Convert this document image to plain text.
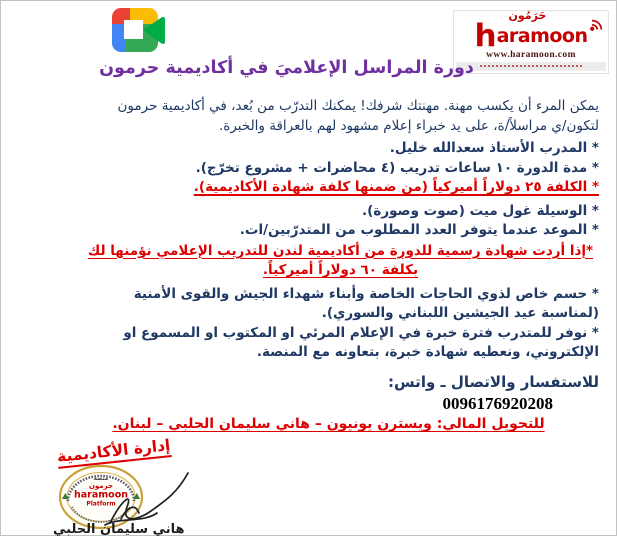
حَرَمُون
haramoon
www.haramoon.com
دورة المراسل الإعلاميَ في أكاديمية حرمون

يمكن المرء أن يكسب مهنة. مهنتك شرفك! يمكنك التدرّب من بُعد، في أكاديمية حرمون لتكون/ي مراسلاً/ة، على يد خبراء إعلام مشهود لهم بالعراقة والخبرة.

* المدرب الأستاذ سعدالله خليل.
* مدة الدورة ١٠ ساعات تدريب (٤ محاضرات + مشروع تخرّج).
* الكلفة ٢٥ دولاراً أميركياً (من ضمنها كلفة شهادة الأكاديمية).
* الوسيلة غول ميت (صوت وصورة).
* الموعد عندما يتوفر العدد المطلوب من المتدرّبين/ات.
*إذا أردت شهادة رسمية للدورة من أكاديمية لندن للتدريب الإعلامي نؤمنها لك
بكلفة ٦٠ دولاراً أميركياً.
* حسم خاص لذوي الحاجات الخاصة وأبناء شهداء الجيش والقوى الأمنية (لمناسبة عيد الجيشين اللبناني والسوري).
* نوفر للمتدرب فترة خبرة في الإعلام المرئي او المكتوب او المسموع او الإلكتروني، ونعطيه شهادة خبرة، بتعاونه مع المنصة.
للاستفسار والاتصال ـ واتس:
0096176920208
للتحويل المالي: ويسترن يونيون – هاني سليمان الحلبي – لبنان.
إدارة الأكاديمية
منصة
حرمون
haramoon
Platform
هاني سليمان الحلبي
